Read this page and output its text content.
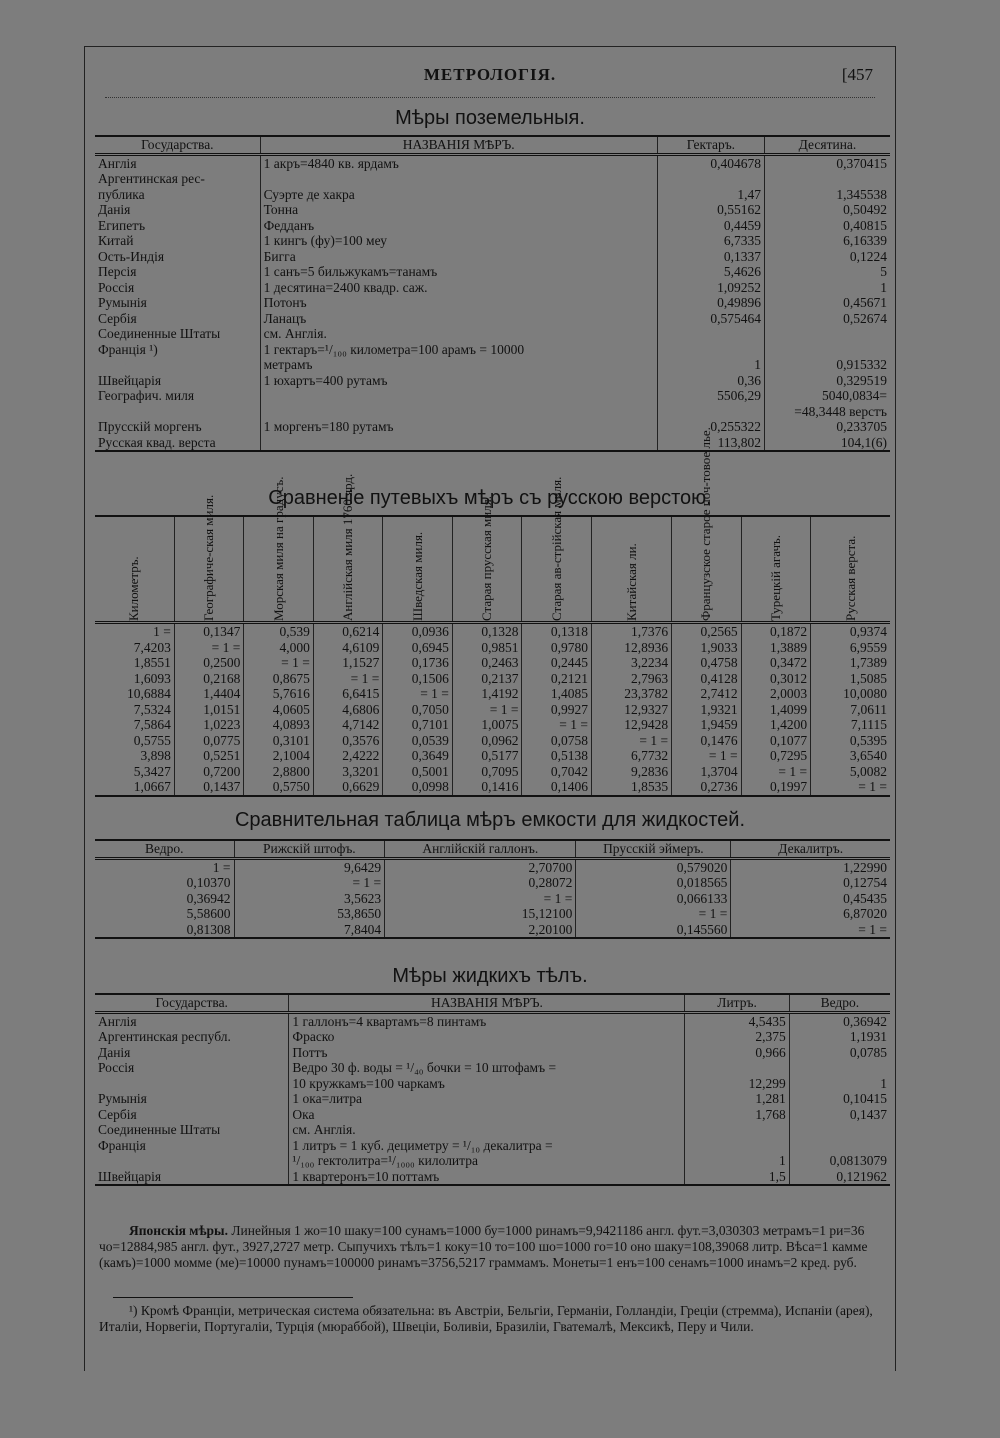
МЕТРОЛОГІЯ.	[457
Мѣры поземельныя.
Государства.	НАЗВАНІЯ МѢРЪ.	Гектаръ.	Десятина.
Англія	1 акръ=4840 кв. ярдамъ	0,404678	0,370415
Аргентинская рес-			
публика	Суэрте де хакра	1,47	1,345538
Данія	Тонна	0,55162	0,50492
Египетъ	Федданъ	0,4459	0,40815
Китай	1 кингъ (фу)=100 меу	6,7335	6,16339
Ость-Индія	Бигга	0,1337	0,1224
Персія	1 санъ=5 бильжукамъ=танамъ	5,4626	5
Россія	1 десятина=2400 квадр. саж.	1,09252	1
Румынія	Потонъ	0,49896	0,45671
Сербія	Ланацъ	0,575464	0,52674
Соединенные Штаты	см. Англія.		
Франція ¹)	1 гектаръ=¹/₁₀₀ километра=100 арамъ = 10000		
	метрамъ	1	0,915332
Швейцарія	1 юхартъ=400 рутамъ	0,36	0,329519
Географич. миля		5506,29	5040,0834=
			=48,3448 верстъ
Прусскій моргенъ	1 моргенъ=180 рутамъ	0,255322	0,233705
Русская квад. верста		113,802	104,1(6)
Сравненіе путевыхъ мѣръ съ русскою верстою.
Километръ.	Географиче-ская миля.	Морская миля на градусъ.	Англійская миля 1760 ярд.	Шведская миля.	Старая прусская миля.	Старая ав-стрійская миля.	Китайская ли.	Французское старое поч-товое лье.	Турецкій агачъ.	Русская верста.

1 =	0,1347	0,539	0,6214	0,0936	0,1328	0,1318	1,7376	0,2565	0,1872	0,9374
7,4203	= 1 =	4,000	4,6109	0,6945	0,9851	0,9780	12,8936	1,9033	1,3889	6,9559
1,8551	0,2500	= 1 =	1,1527	0,1736	0,2463	0,2445	3,2234	0,4758	0,3472	1,7389
1,6093	0,2168	0,8675	= 1 =	0,1506	0,2137	0,2121	2,7963	0,4128	0,3012	1,5085
10,6884	1,4404	5,7616	6,6415	= 1 =	1,4192	1,4085	23,3782	2,7412	2,0003	10,0080
7,5324	1,0151	4,0605	4,6806	0,7050	= 1 =	0,9927	12,9327	1,9321	1,4099	7,0611
7,5864	1,0223	4,0893	4,7142	0,7101	1,0075	= 1 =	12,9428	1,9459	1,4200	7,1115
0,5755	0,0775	0,3101	0,3576	0,0539	0,0962	0,0758	= 1 =	0,1476	0,1077	0,5395
3,898	0,5251	2,1004	2,4222	0,3649	0,5177	0,5138	6,7732	= 1 =	0,7295	3,6540
5,3427	0,7200	2,8800	3,3201	0,5001	0,7095	0,7042	9,2836	1,3704	= 1 =	5,0082
1,0667	0,1437	0,5750	0,6629	0,0998	0,1416	0,1406	1,8535	0,2736	0,1997	= 1 =
Сравнительная таблица мѣръ емкости для жидкостей.
Ведро.	Рижскій штофъ.	Англійскій галлонъ.	Прусскій эймеръ.	Декалитръ.
1 =	9,6429	2,70700	0,579020	1,22990
0,10370	= 1 =	0,28072	0,018565	0,12754
0,36942	3,5623	= 1 =	0,066133	0,45435
5,58600	53,8650	15,12100	= 1 =	6,87020
0,81308	7,8404	2,20100	0,145560	= 1 =
Мѣры жидкихъ тѣлъ.
Государства.	НАЗВАНІЯ МѢРЪ.	Литръ.	Ведро.
Англія	1 галлонъ=4 квартамъ=8 пинтамъ	4,5435	0,36942
Аргентинская республ.	Фраско	2,375	1,1931
Данія	Поттъ	0,966	0,0785
Россія	Ведро 30 ф. воды = ¹/₄₀ бочки = 10 штофамъ =		
	10 кружкамъ=100 чаркамъ	12,299	1
Румынія	1 ока=литра	1,281	0,10415
Сербія	Ока	1,768	0,1437
Соединенные Штаты	см. Англія.		
Франція	1 литръ = 1 куб. дециметру = ¹/₁₀ декалитра =		
	¹/₁₀₀ гектолитра=¹/₁₀₀₀ килолитра	1	0,0813079
Швейцарія	1 квартеронъ=10 поттамъ	1,5	0,121962
Японскія мѣры. Линейныя 1 жо=10 шаку=100 сунамъ=1000 бу=1000 ринамъ=9,9421186 англ. фут.=3,030303 метрамъ=1 ри=36 чо=12884,985 англ. фут., 3927,2727 метр. Сыпучихъ тѣлъ=1 коку=10 то=100 шо=1000 го=10 оно шаку=108,39068 литр. Вѣса=1 камме (камъ)=1000 момме (ме)=10000 пунамъ=100000 ринамъ=3756,5217 граммамъ. Монеты=1 енъ=100 сенамъ=1000 инамъ=2 кред. руб.
¹) Кромѣ Франціи, метрическая система обязательна: въ Австріи, Бельгіи, Германіи, Голландіи, Греціи (стремма), Испаніи (арея), Италіи, Норвегіи, Португаліи, Турція (мюраббой), Швеціи, Боливіи, Бразиліи, Гватемалѣ, Мексикѣ, Перу и Чили.
